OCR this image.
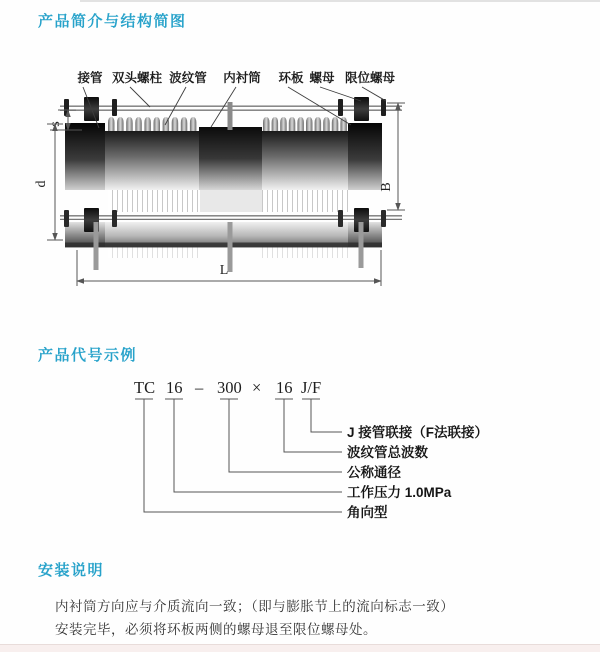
产品简介与结构简图
s
d	B
L
接管 双头螺柱 波纹管 内衬筒 环板 螺母 限位螺母
产品代号示例
TC 16 – 300 × 16 J/F
J 接管联接（F法联接）
波纹管总波数
公称通径
工作压力 1.0MPa
角向型
安装说明

内衬筒方向应与介质流向一致；（即与膨胀节上的流向标志一致）

安装完毕，必须将环板两侧的螺母退至限位螺母处。
